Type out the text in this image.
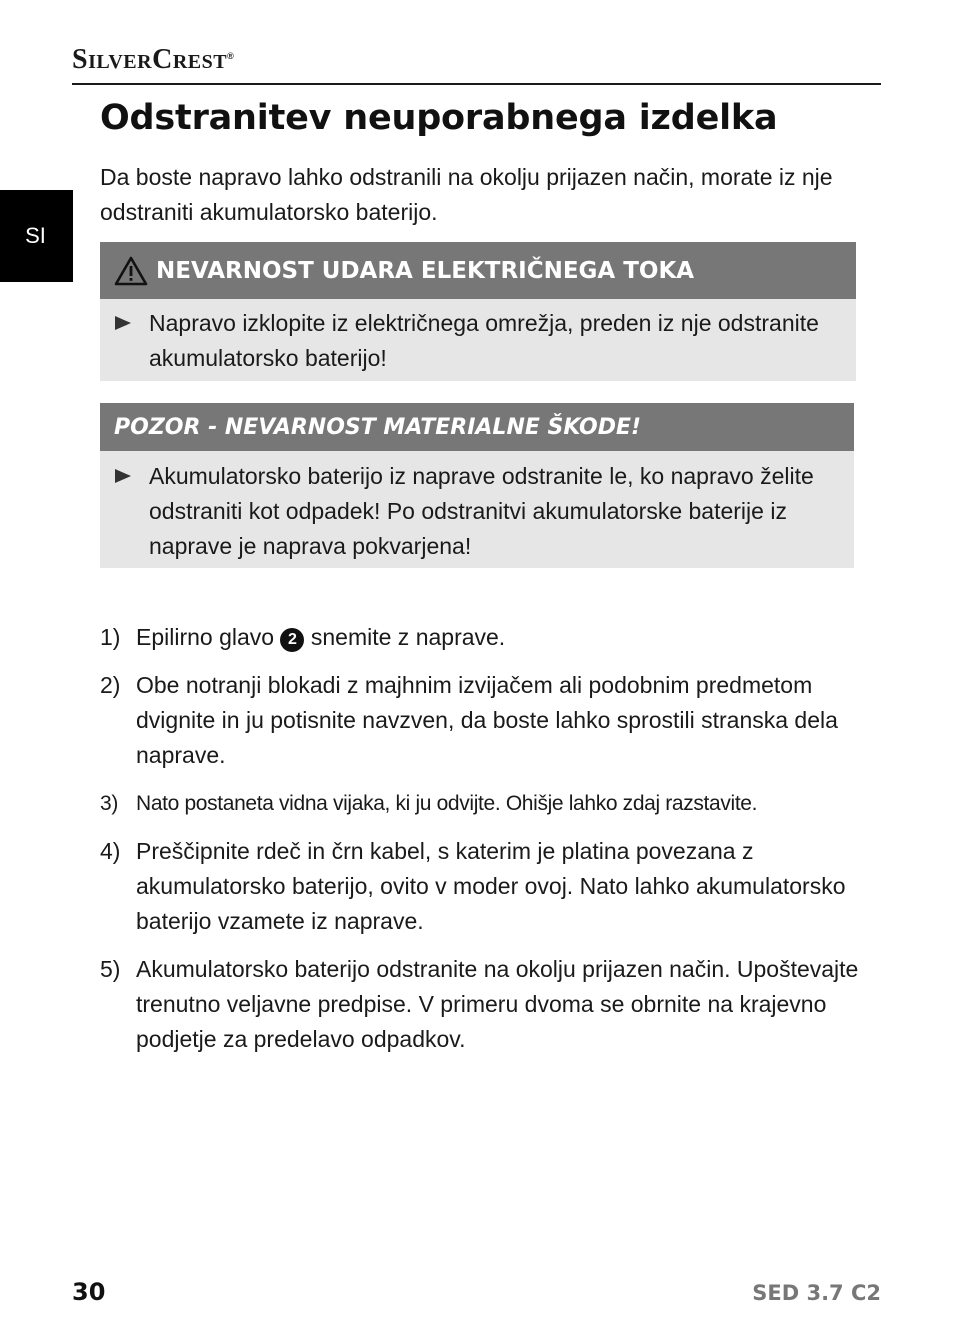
SILVERCREST®
SI
Odstranitev neuporabnega izdelka

Da boste napravo lahko odstranili na okolju prijazen način, morate iz nje odstraniti akumulatorsko baterijo.

NEVARNOST UDARA ELEKTRIČNEGA TOKA
Napravo izklopite iz električnega omrežja, preden iz nje odstranite akumulatorsko baterijo!
POZOR - NEVARNOST MATERIALNE ŠKODE!
Akumulatorsko baterijo iz naprave odstranite le, ko napravo želite odstraniti kot odpadek! Po odstranitvi akumulatorske baterije iz naprave je naprava pokvarjena!
1) Epilirno glavo 2 snemite z naprave.
2) Obe notranji blokadi z majhnim izvijačem ali podobnim predmetom dvignite in ju potisnite navzven, da boste lahko sprostili stranska dela naprave.
3) Nato postaneta vidna vijaka, ki ju odvijte. Ohišje lahko zdaj razstavite.
4) Preščipnite rdeč in črn kabel, s katerim je platina povezana z akumulatorsko baterijo, ovito v moder ovoj. Nato lahko akumulatorsko baterijo vzamete iz naprave.
5) Akumulatorsko baterijo odstranite na okolju prijazen način. Upoštevajte trenutno veljavne predpise. V primeru dvoma se obrnite na krajevno podjetje za predelavo odpadkov.
30	SED 3.7 C2
